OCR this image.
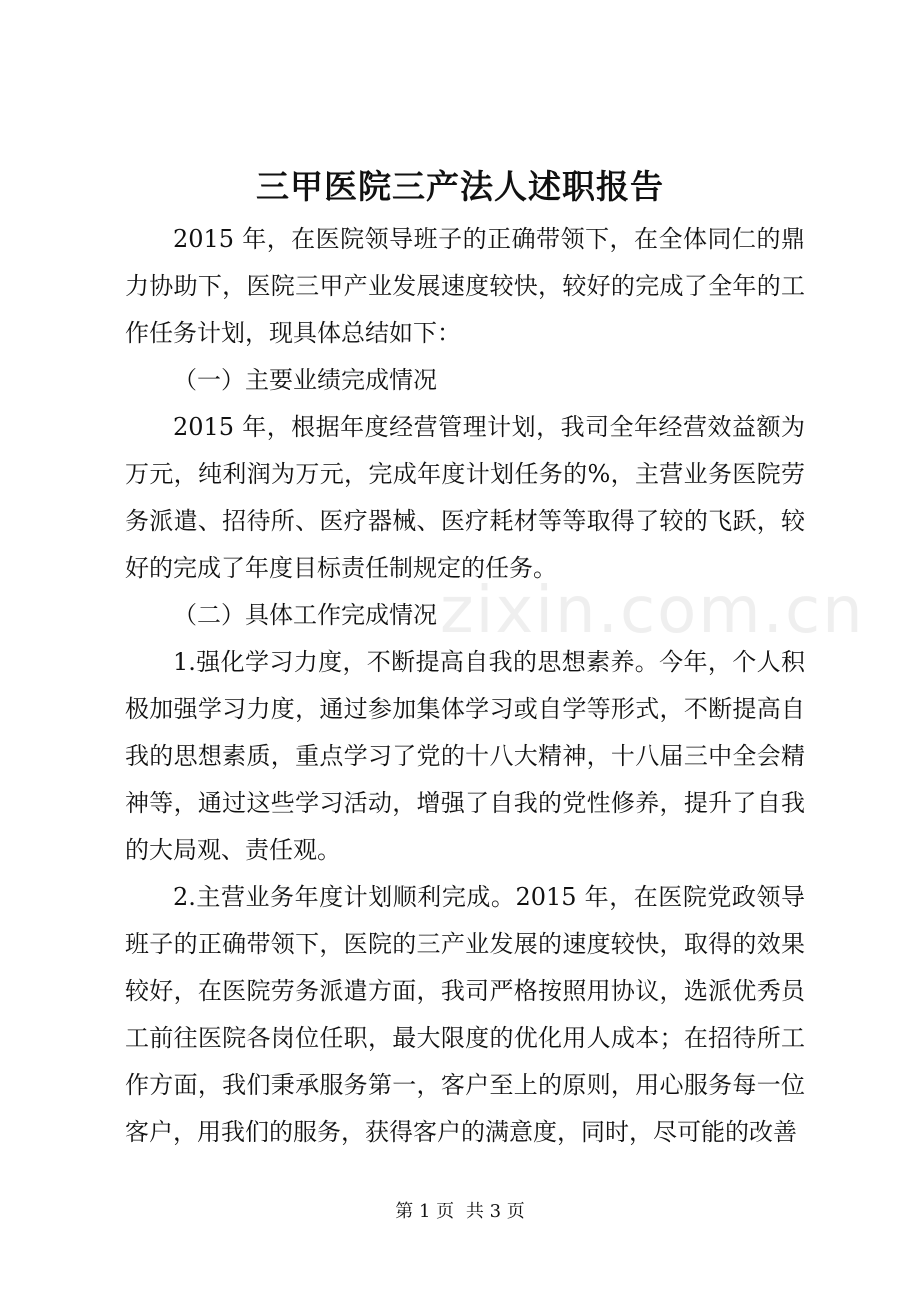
三甲医院三产法人述职报告

2015 年，在医院领导班子的正确带领下，在全体同仁的鼎力协助下，医院三甲产业发展速度较快，较好的完成了全年的工作任务计划，现具体总结如下：

（一）主要业绩完成情况

2015 年，根据年度经营管理计划，我司全年经营效益额为万元，纯利润为万元，完成年度计划任务的%，主营业务医院劳务派遣、招待所、医疗器械、医疗耗材等等取得了较的飞跃，较好的完成了年度目标责任制规定的任务。

（二）具体工作完成情况

1.强化学习力度，不断提高自我的思想素养。今年，个人积极加强学习力度，通过参加集体学习或自学等形式，不断提高自我的思想素质，重点学习了党的十八大精神，十八届三中全会精神等，通过这些学习活动，增强了自我的党性修养，提升了自我的大局观、责任观。

2.主营业务年度计划顺利完成。2015 年，在医院党政领导班子的正确带领下，医院的三产业发展的速度较快，取得的效果较好，在医院劳务派遣方面，我司严格按照用协议，选派优秀员工前往医院各岗位任职，最大限度的优化用人成本；在招待所工作方面，我们秉承服务第一，客户至上的原则，用心服务每一位客户，用我们的服务，获得客户的满意度，同时，尽可能的改善

zixin.com.cn
第 1 页 共 3 页
